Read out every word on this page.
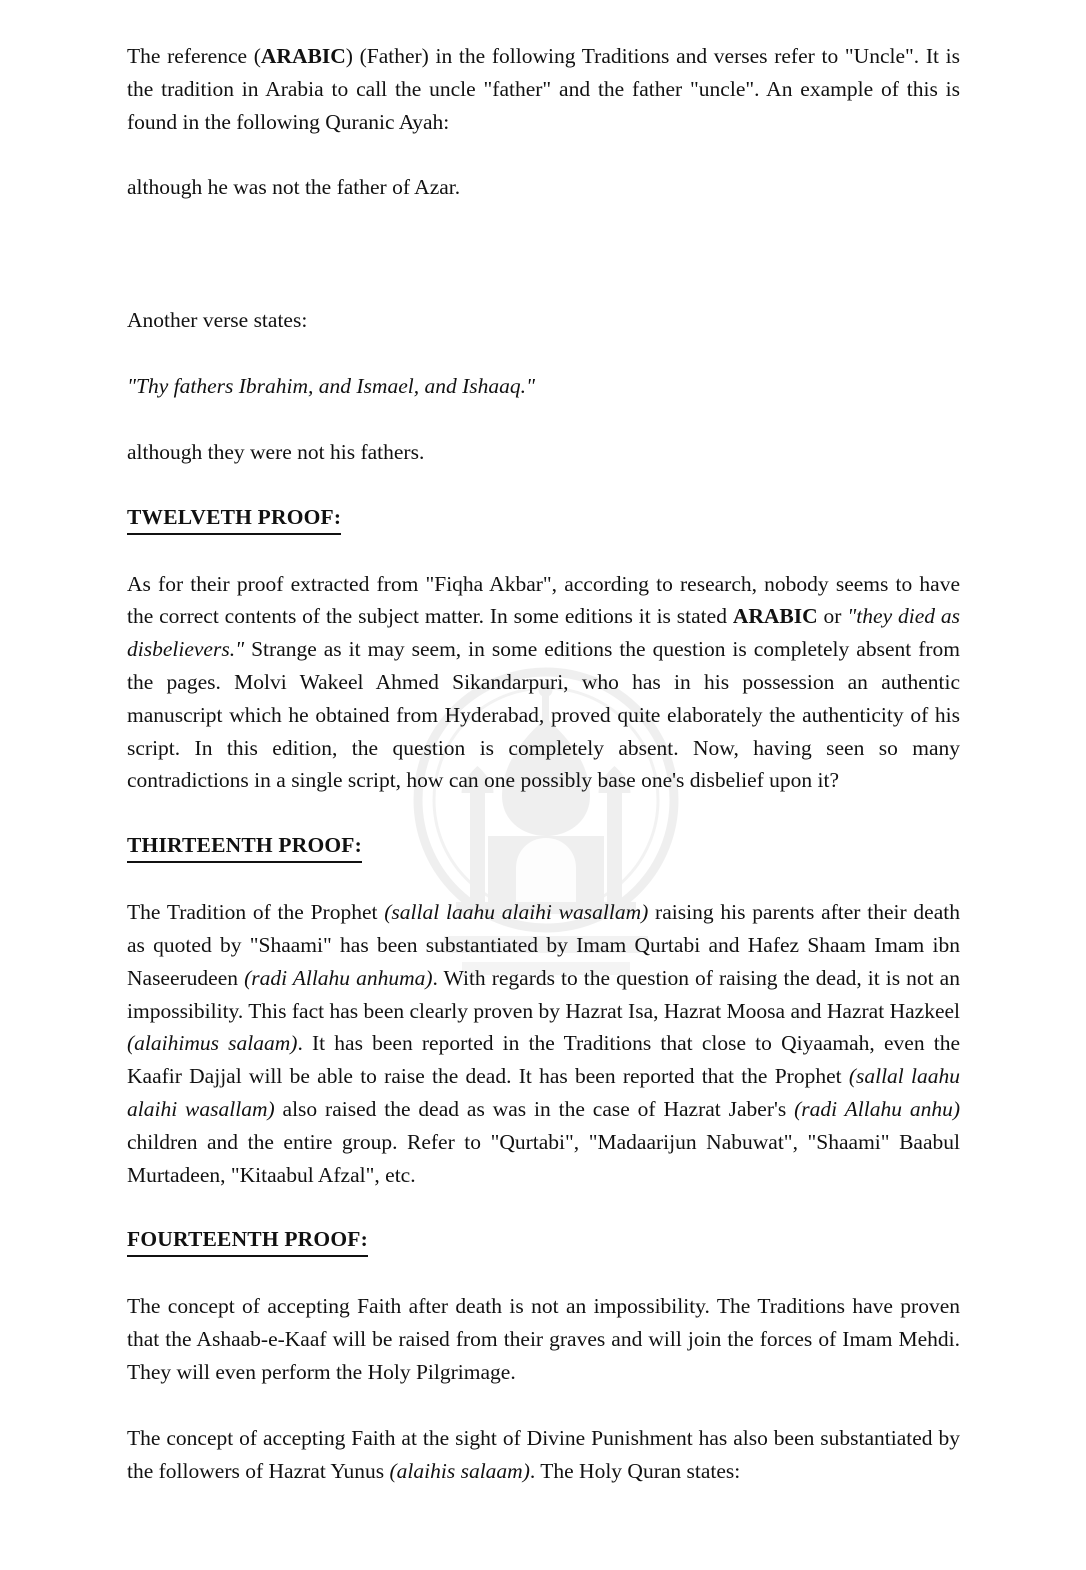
The reference (ARABIC) (Father) in the following Traditions and verses refer to "Uncle". It is the tradition in Arabia to call the uncle "father" and the father "uncle". An example of this is found in the following Quranic Ayah:

although he was not the father of Azar.

Another verse states:

"Thy fathers Ibrahim, and Ismael, and Ishaaq."

although they were not his fathers.

TWELVETH PROOF:

As for their proof extracted from "Fiqha Akbar", according to research, nobody seems to have the correct contents of the subject matter. In some editions it is stated ARABIC or "they died as disbelievers." Strange as it may seem, in some editions the question is completely absent from the pages. Molvi Wakeel Ahmed Sikandarpuri, who has in his possession an authentic manuscript which he obtained from Hyderabad, proved quite elaborately the authenticity of his script. In this edition, the question is completely absent. Now, having seen so many contradictions in a single script, how can one possibly base one's disbelief upon it?

THIRTEENTH PROOF:

The Tradition of the Prophet (sallal laahu alaihi wasallam) raising his parents after their death as quoted by "Shaami" has been substantiated by Imam Qurtabi and Hafez Shaam Imam ibn Naseerudeen (radi Allahu anhuma). With regards to the question of raising the dead, it is not an impossibility. This fact has been clearly proven by Hazrat Isa, Hazrat Moosa and Hazrat Hazkeel (alaihimus salaam). It has been reported in the Traditions that close to Qiyaamah, even the Kaafir Dajjal will be able to raise the dead. It has been reported that the Prophet (sallal laahu alaihi wasallam) also raised the dead as was in the case of Hazrat Jaber's (radi Allahu anhu) children and the entire group. Refer to "Qurtabi", "Madaarijun Nabuwat", "Shaami" Baabul Murtadeen, "Kitaabul Afzal", etc.

FOURTEENTH PROOF:

The concept of accepting Faith after death is not an impossibility. The Traditions have proven that the Ashaab-e-Kaaf will be raised from their graves and will join the forces of Imam Mehdi. They will even perform the Holy Pilgrimage.

The concept of accepting Faith at the sight of Divine Punishment has also been substantiated by the followers of Hazrat Yunus (alaihis salaam). The Holy Quran states:
